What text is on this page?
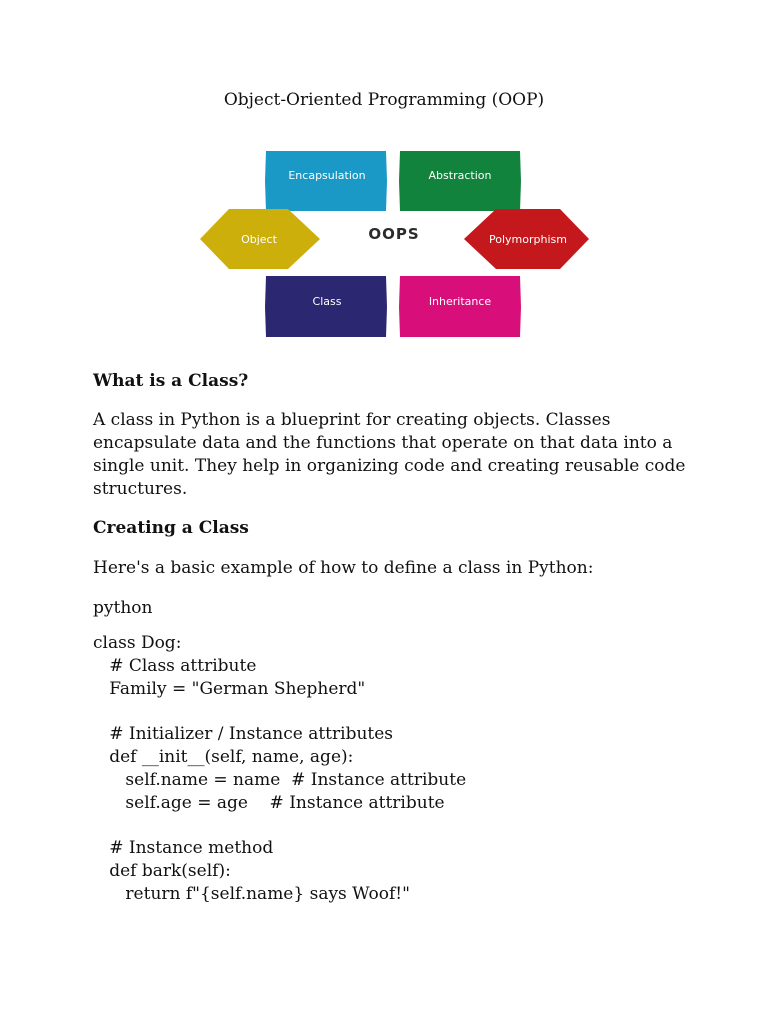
Object-Oriented Programming (OOP)
Encapsulation	Abstraction
Object	OOPS	Polymorphism
Class	Inheritance

What is a Class?

A class in Python is a blueprint for creating objects. Classes encapsulate data and the functions that operate on that data into a single unit. They help in organizing code and creating reusable code structures.

Creating a Class

Here's a basic example of how to define a class in Python:

python

class Dog:
# Class attribute
Family = "German Shepherd"

# Initializer / Instance attributes
def __init__(self, name, age):
self.name = name  # Instance attribute
self.age = age    # Instance attribute

# Instance method
def bark(self):
return f"{self.name} says Woof!"
